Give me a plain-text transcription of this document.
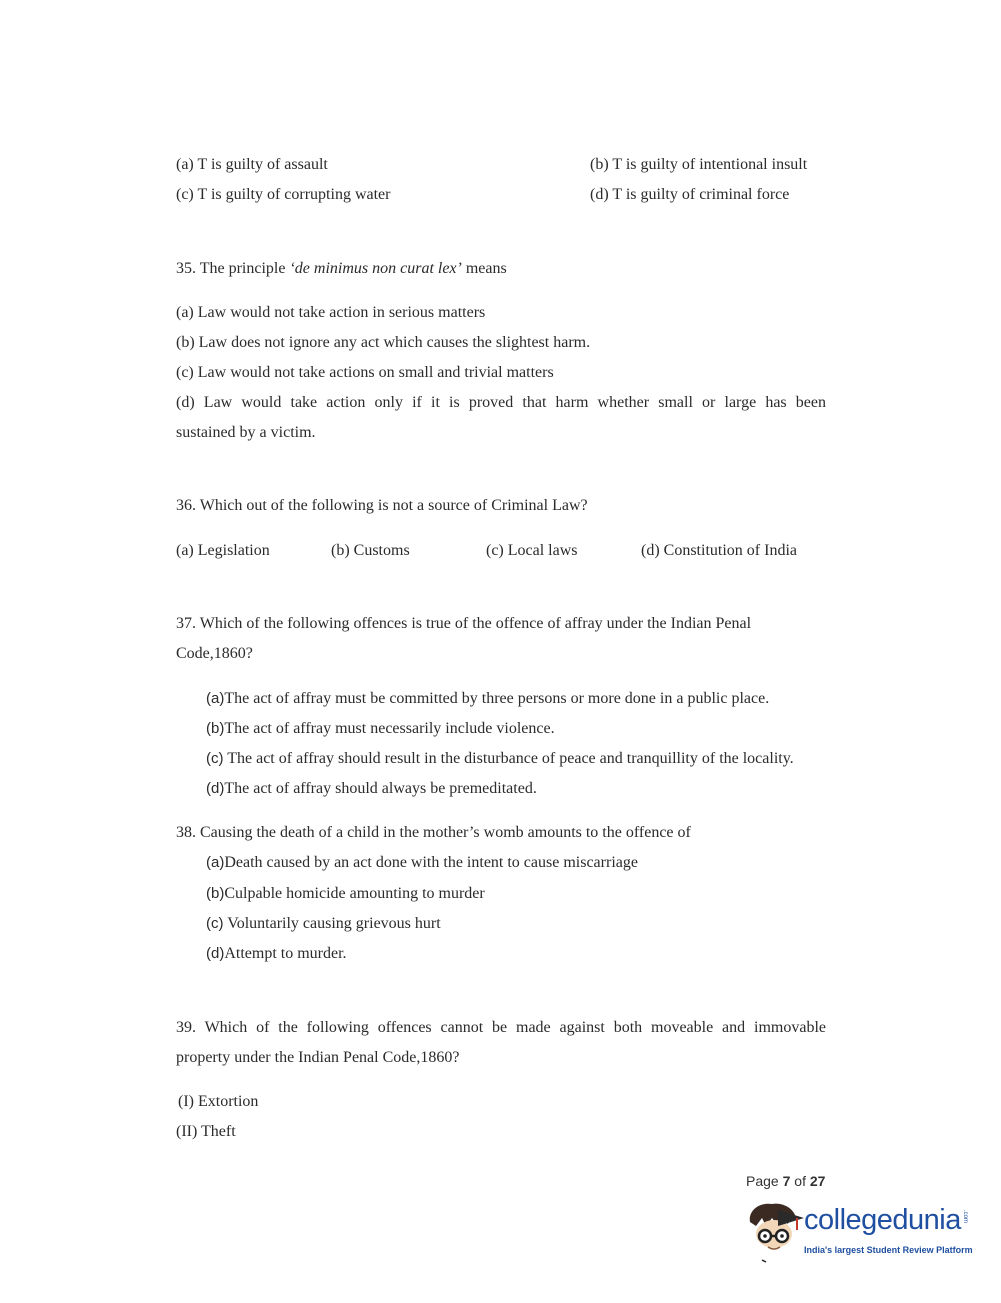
(a) T is guilty of assault	(b) T is guilty of intentional insult
(c) T is guilty of corrupting water	(d) T is guilty of criminal force
35. The principle ‘de minimus non curat lex’ means
(a) Law would not take action in serious matters
(b) Law does not ignore any act which causes the slightest harm.
(c) Law would not take actions on small and trivial matters
(d) Law would take action only if it is proved that harm whether small or large has been
sustained by a victim.
36. Which out of the following is not a source of Criminal Law?
(a) Legislation	(b) Customs	(c) Local laws	(d) Constitution of India
37. Which of the following offences is true of the offence of affray under the Indian Penal
Code,1860?
(a)The act of affray must be committed by three persons or more done in a public place.
(b)The act of affray must necessarily include violence.
(c) The act of affray should result in the disturbance of peace and tranquillity of the locality.
(d)The act of affray should always be premeditated.
38. Causing the death of a child in the mother’s womb amounts to the offence of
(a)Death caused by an act done with the intent to cause miscarriage
(b)Culpable homicide amounting to murder
(c) Voluntarily causing grievous hurt
(d)Attempt to murder.
39. Which of the following offences cannot be made against both moveable and immovable
property under the Indian Penal Code,1860?
(I) Extortion
(II) Theft
Page 7 of 27
collegedunia .com
India's largest Student Review Platform
